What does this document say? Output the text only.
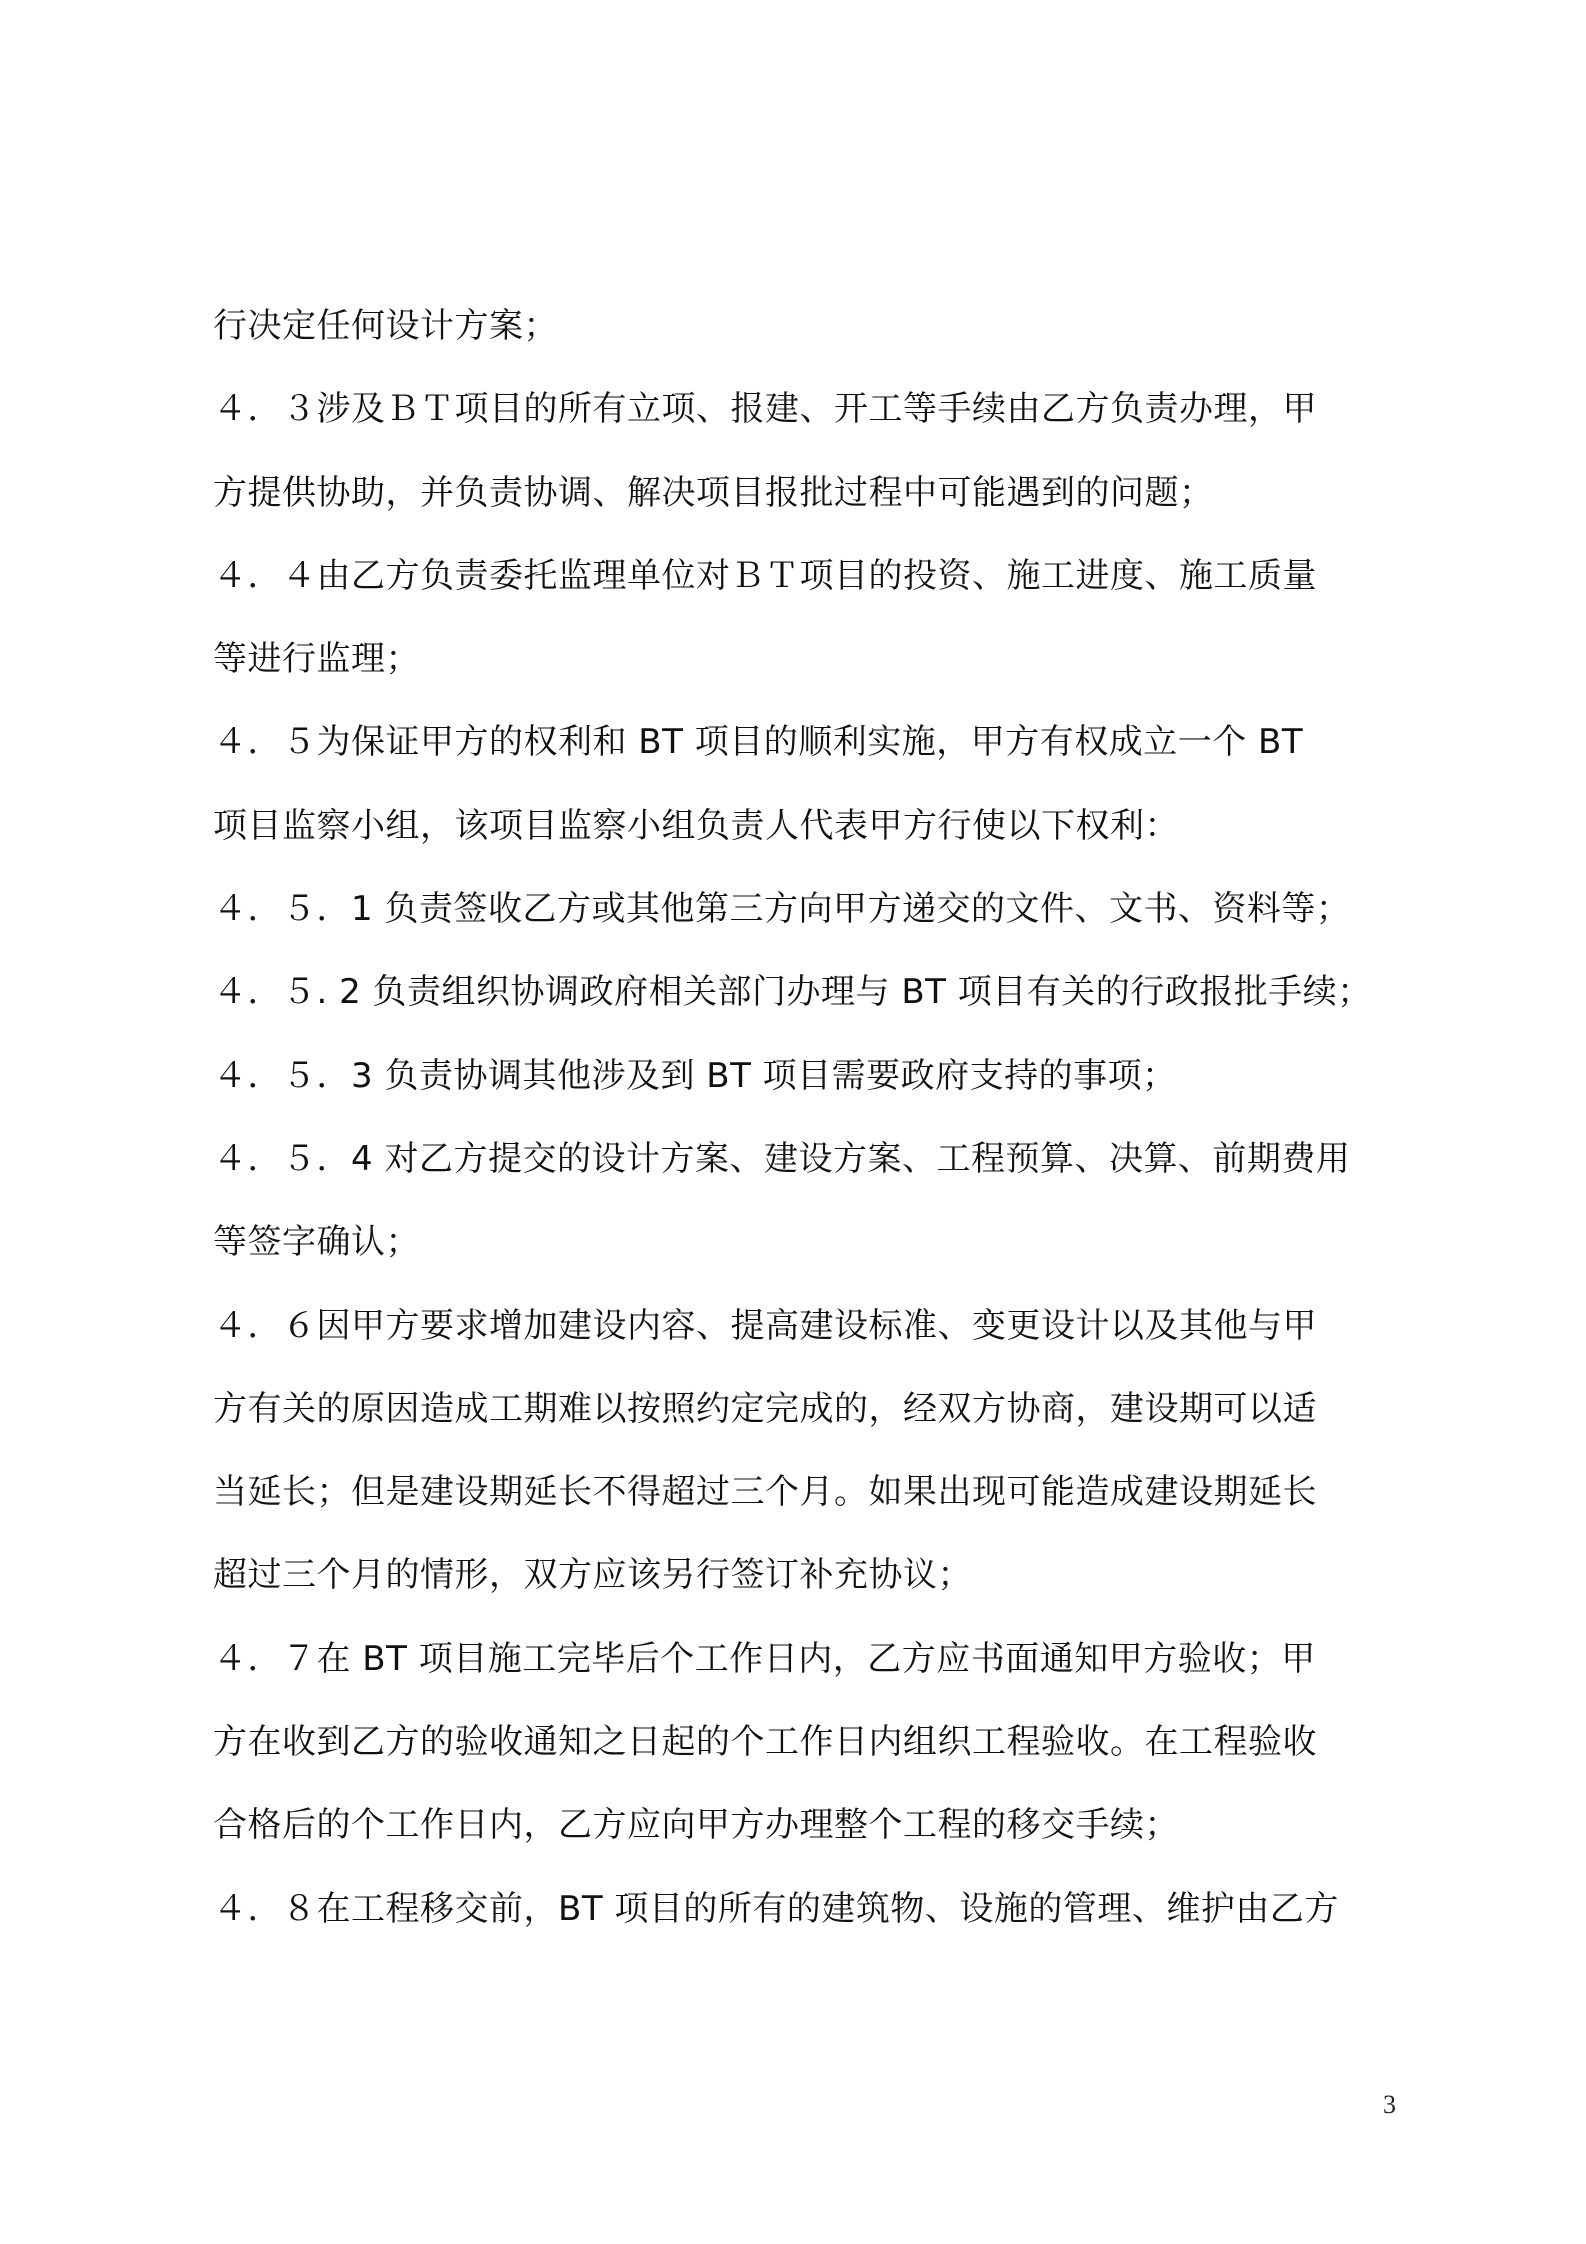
行决定任何设计方案；
４．３涉及ＢＴ项目的所有立项、报建、开工等手续由乙方负责办理，甲
方提供协助，并负责协调、解决项目报批过程中可能遇到的问题；
４．４由乙方负责委托监理单位对ＢＴ项目的投资、施工进度、施工质量
等进行监理；
４．５为保证甲方的权利和 BT 项目的顺利实施，甲方有权成立一个 BT
项目监察小组，该项目监察小组负责人代表甲方行使以下权利：
４．５．1 负责签收乙方或其他第三方向甲方递交的文件、文书、资料等；
４．５. 2 负责组织协调政府相关部门办理与 BT 项目有关的行政报批手续；
４．５．3 负责协调其他涉及到 BT 项目需要政府支持的事项；
４．５．4 对乙方提交的设计方案、建设方案、工程预算、决算、前期费用
等签字确认；
４．６因甲方要求增加建设内容、提高建设标准、变更设计以及其他与甲
方有关的原因造成工期难以按照约定完成的，经双方协商，建设期可以适
当延长；但是建设期延长不得超过三个月。如果出现可能造成建设期延长
超过三个月的情形，双方应该另行签订补充协议；
４．７在 BT 项目施工完毕后个工作日内，乙方应书面通知甲方验收；甲
方在收到乙方的验收通知之日起的个工作日内组织工程验收。在工程验收
合格后的个工作日内，乙方应向甲方办理整个工程的移交手续；
４．８在工程移交前，BT 项目的所有的建筑物、设施的管理、维护由乙方
3
